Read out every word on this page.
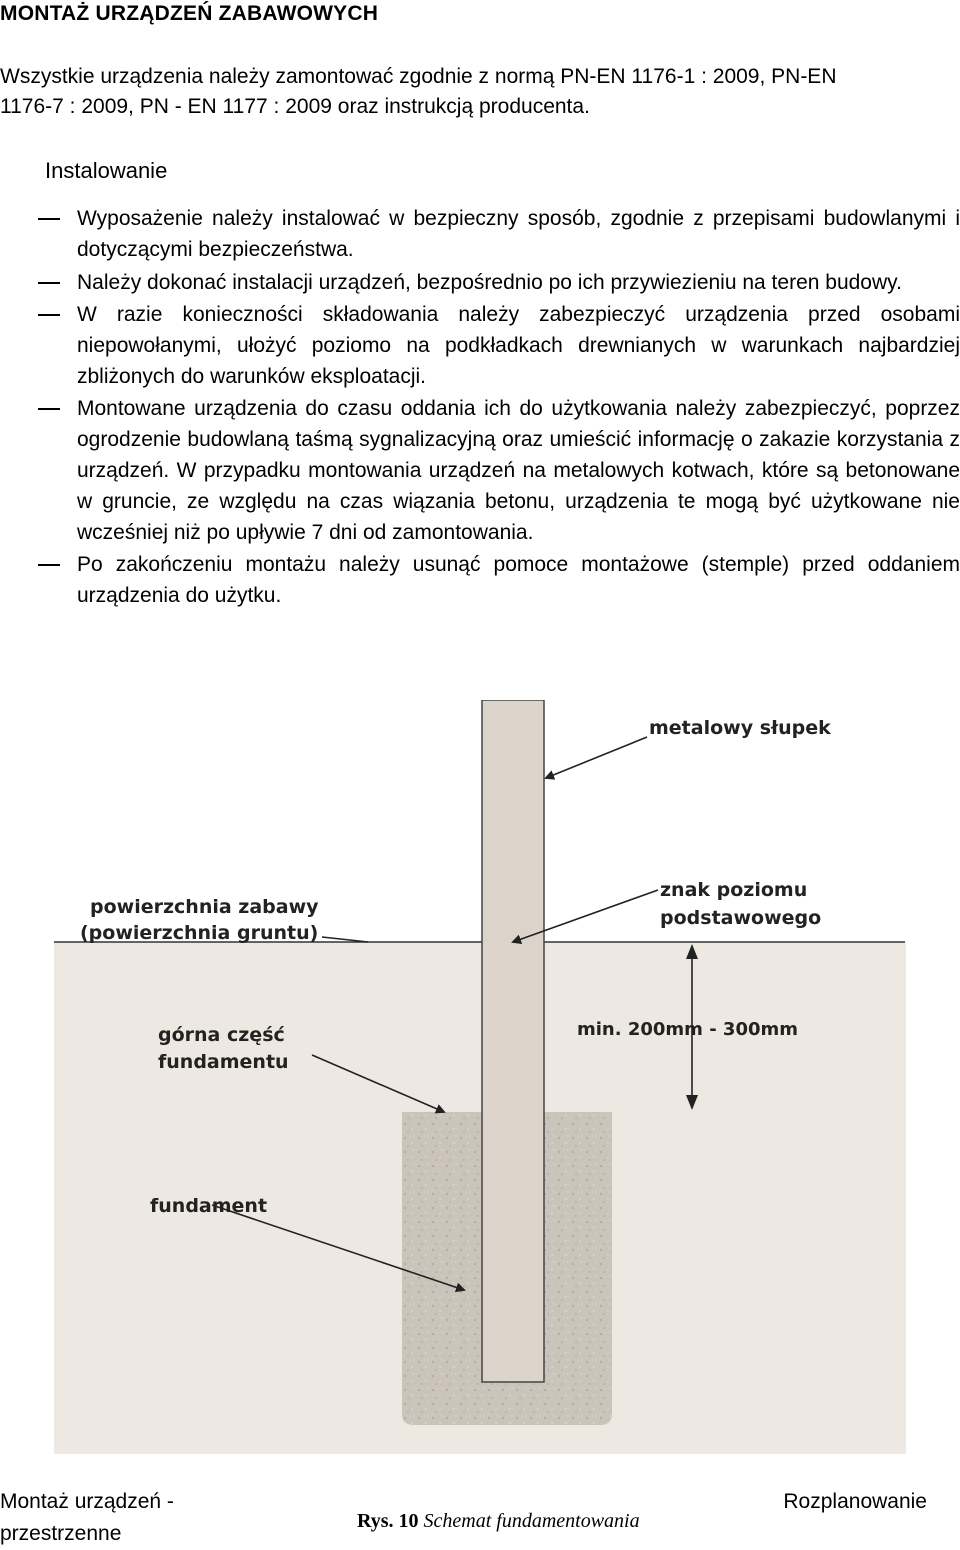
MONTAŻ URZĄDZEŃ ZABAWOWYCH
Wszystkie urządzenia należy zamontować zgodnie z normą PN-EN 1176-1 : 2009, PN-EN
1176-7 : 2009, PN - EN 1177 : 2009 oraz instrukcją producenta.
Instalowanie
Wyposażenie należy instalować w bezpieczny sposób, zgodnie z przepisami budowlanymi i dotyczącymi bezpieczeństwa.
Należy dokonać instalacji urządzeń, bezpośrednio po ich przywiezieniu na teren budowy.
W razie konieczności składowania należy zabezpieczyć urządzenia przed osobami niepowołanymi, ułożyć poziomo na podkładkach drewnianych w warunkach najbardziej zbliżonych do warunków eksploatacji.
Montowane urządzenia do czasu oddania ich do użytkowania należy zabezpieczyć, poprzez ogrodzenie budowlaną taśmą sygnalizacyjną oraz umieścić informację o zakazie korzystania z urządzeń. W przypadku montowania urządzeń na metalowych kotwach, które są betonowane w gruncie, ze względu na czas wiązania betonu, urządzenia te mogą być użytkowane nie wcześniej niż po upływie 7 dni od zamontowania.
Po zakończeniu montażu należy usunąć pomoce montażowe (stemple) przed oddaniem urządzenia do użytku.
metalowy słupek
powierzchnia zabawy
(powierzchnia gruntu)
znak poziomu
podstawowego
min. 200mm - 300mm
górna część
fundamentu
fundament
Montaż urządzeń -
przestrzenne
Rys. 10 Schemat fundamentowania
Rozplanowanie
